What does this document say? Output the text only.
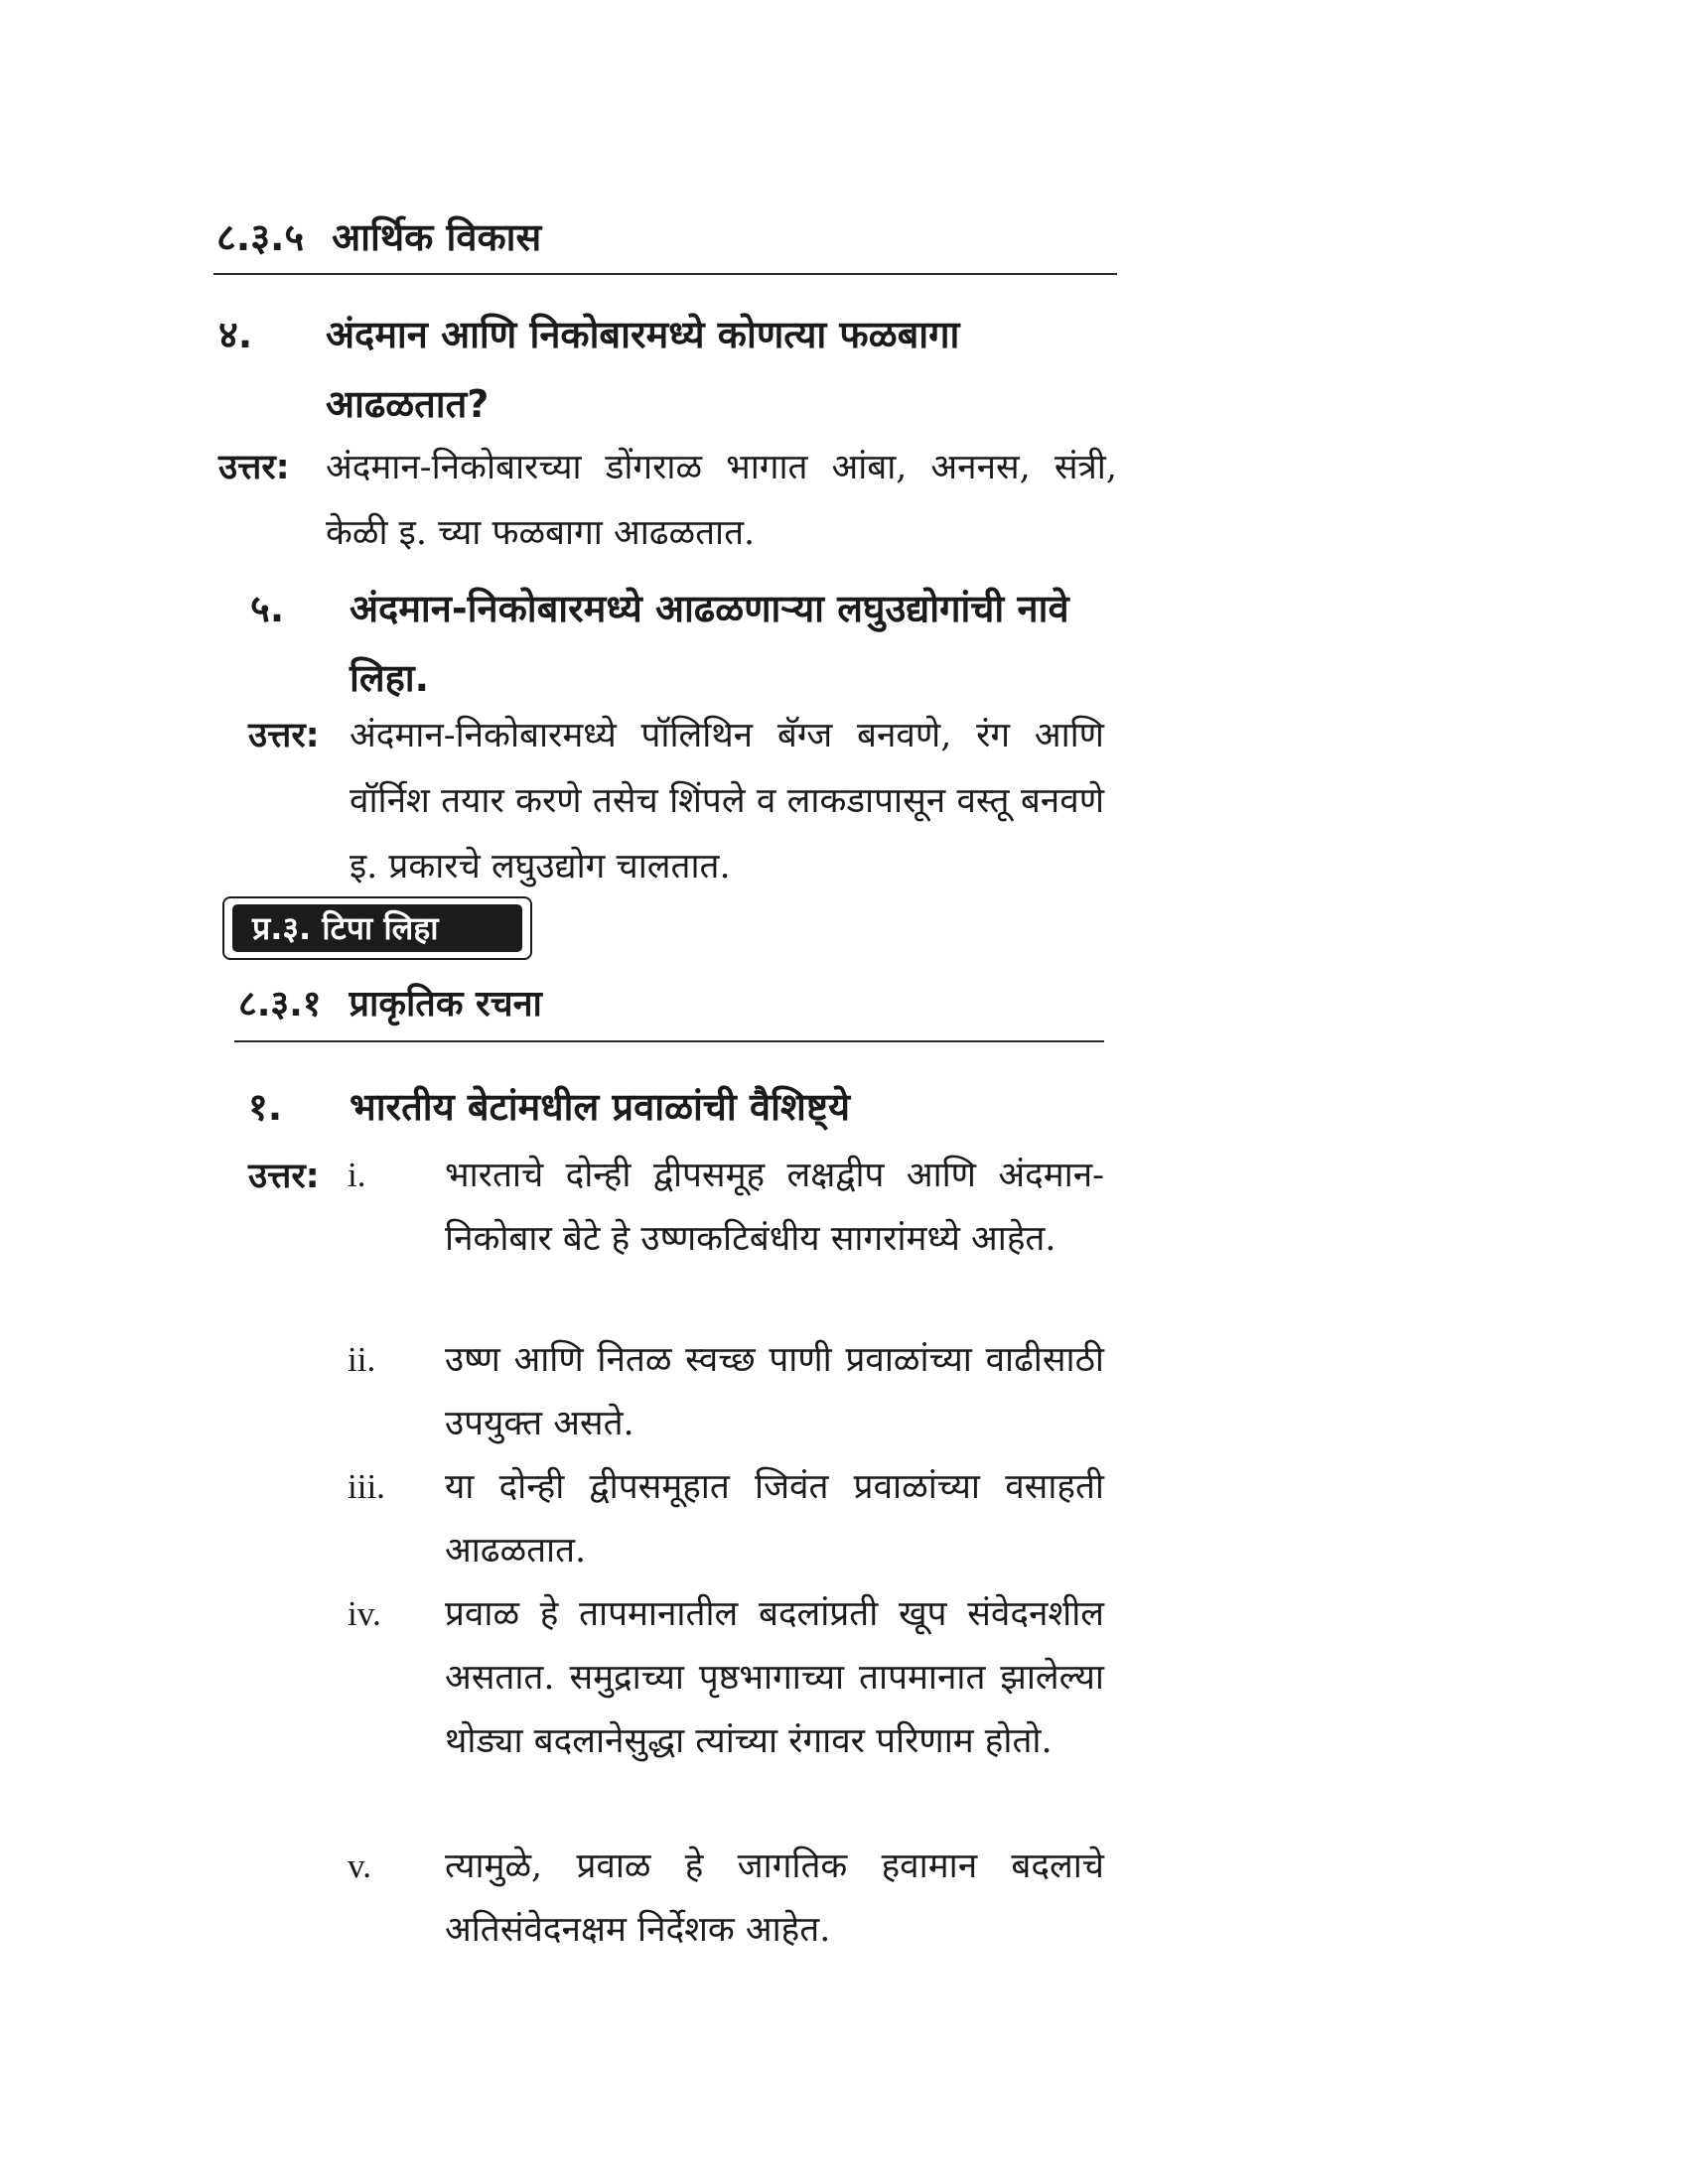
८.३.५ आर्थिक विकास
४.	अंदमान आणि निकोबारमध्ये कोणत्या फळबागा आढळतात?
उत्तर:	अंदमान-निकोबारच्या डोंगराळ भागात आंबा, अननस, संत्री, केळी इ. च्या फळबागा आढळतात.
५.	अंदमान-निकोबारमध्ये आढळणाऱ्या लघुउद्योगांची नावे लिहा.
उत्तर: अंदमान-निकोबारमध्ये पॉलिथिन बॅग्ज बनवणे, रंग आणि वॉर्निश तयार करणे तसेच शिंपले व लाकडापासून वस्तू बनवणे इ. प्रकारचे लघुउद्योग चालतात.
प्र.३. टिपा लिहा
८.३.१ प्राकृतिक रचना
१.	भारतीय बेटांमधील प्रवाळांची वैशिष्ट्ये
उत्तर: i.	भारताचे दोन्ही द्वीपसमूह लक्षद्वीप आणि अंदमान-निकोबार बेटे हे उष्णकटिबंधीय सागरांमध्ये आहेत.
ii.	उष्ण आणि नितळ स्वच्छ पाणी प्रवाळांच्या वाढीसाठी उपयुक्त असते.
iii.	या दोन्ही द्वीपसमूहात जिवंत प्रवाळांच्या वसाहती आढळतात.
iv.	प्रवाळ हे तापमानातील बदलांप्रती खूप संवेदनशील असतात. समुद्राच्या पृष्ठभागाच्या तापमानात झालेल्या थोड्या बदलानेसुद्धा त्यांच्या रंगावर परिणाम होतो.
v.	त्यामुळे, प्रवाळ हे जागतिक हवामान बदलाचे अतिसंवेदनक्षम निर्देशक आहेत.
